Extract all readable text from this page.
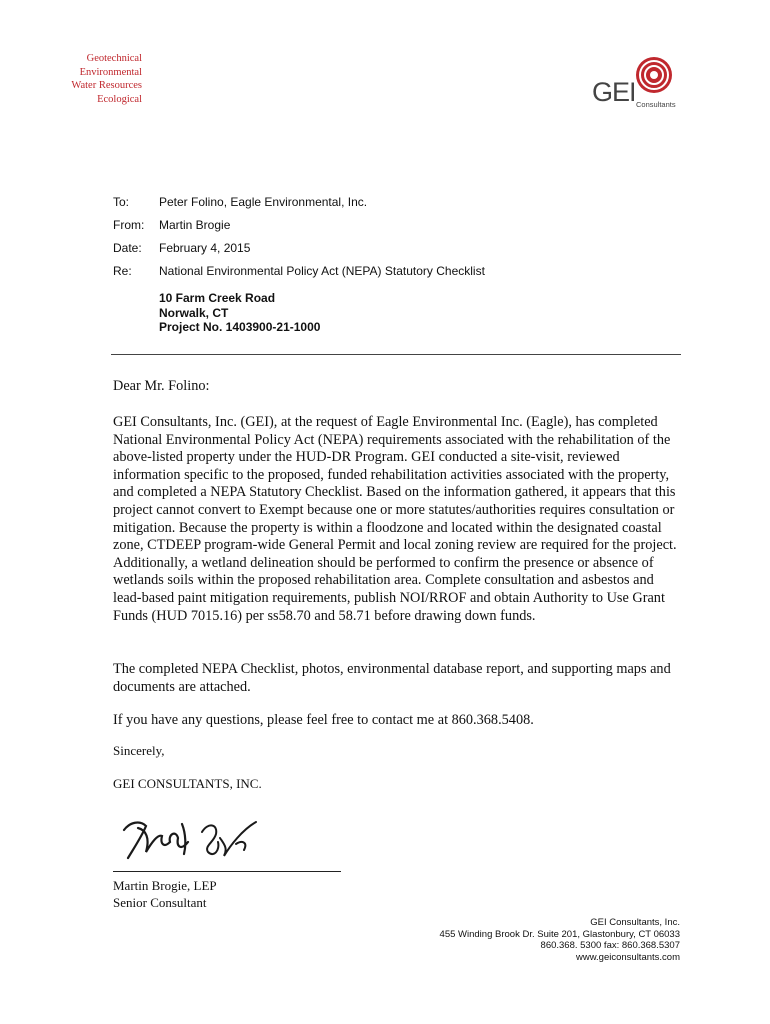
Geotechnical
Environmental
Water Resources
Ecological	GEI Consultants
To:	Peter Folino, Eagle Environmental, Inc.
From:	Martin Brogie
Date:	February 4, 2015
Re:	National Environmental Policy Act (NEPA) Statutory Checklist
10 Farm Creek Road
Norwalk, CT
Project No. 1403900-21-1000
Dear Mr. Folino:
GEI Consultants, Inc. (GEI), at the request of Eagle Environmental Inc. (Eagle), has completed National Environmental Policy Act (NEPA) requirements associated with the rehabilitation of the above-listed property under the HUD-DR Program. GEI conducted a site-visit, reviewed information specific to the proposed, funded rehabilitation activities associated with the property, and completed a NEPA Statutory Checklist. Based on the information gathered, it appears that this project cannot convert to Exempt because one or more statutes/authorities requires consultation or mitigation. Because the property is within a floodzone and located within the designated coastal zone, CTDEEP program-wide General Permit and local zoning review are required for the project. Additionally, a wetland delineation should be performed to confirm the presence or absence of wetlands soils within the proposed rehabilitation area. Complete consultation and asbestos and lead-based paint mitigation requirements, publish NOI/RROF and obtain Authority to Use Grant Funds (HUD 7015.16) per ss58.70 and 58.71 before drawing down funds.
The completed NEPA Checklist, photos, environmental database report, and supporting maps and documents are attached.
If you have any questions, please feel free to contact me at 860.368.5408.
Sincerely,
GEI CONSULTANTS, INC.
Martin Brogie, LEP
Senior Consultant
GEI Consultants, Inc.
455 Winding Brook Dr. Suite 201, Glastonbury, CT 06033
860.368. 5300 fax: 860.368.5307
www.geiconsultants.com
